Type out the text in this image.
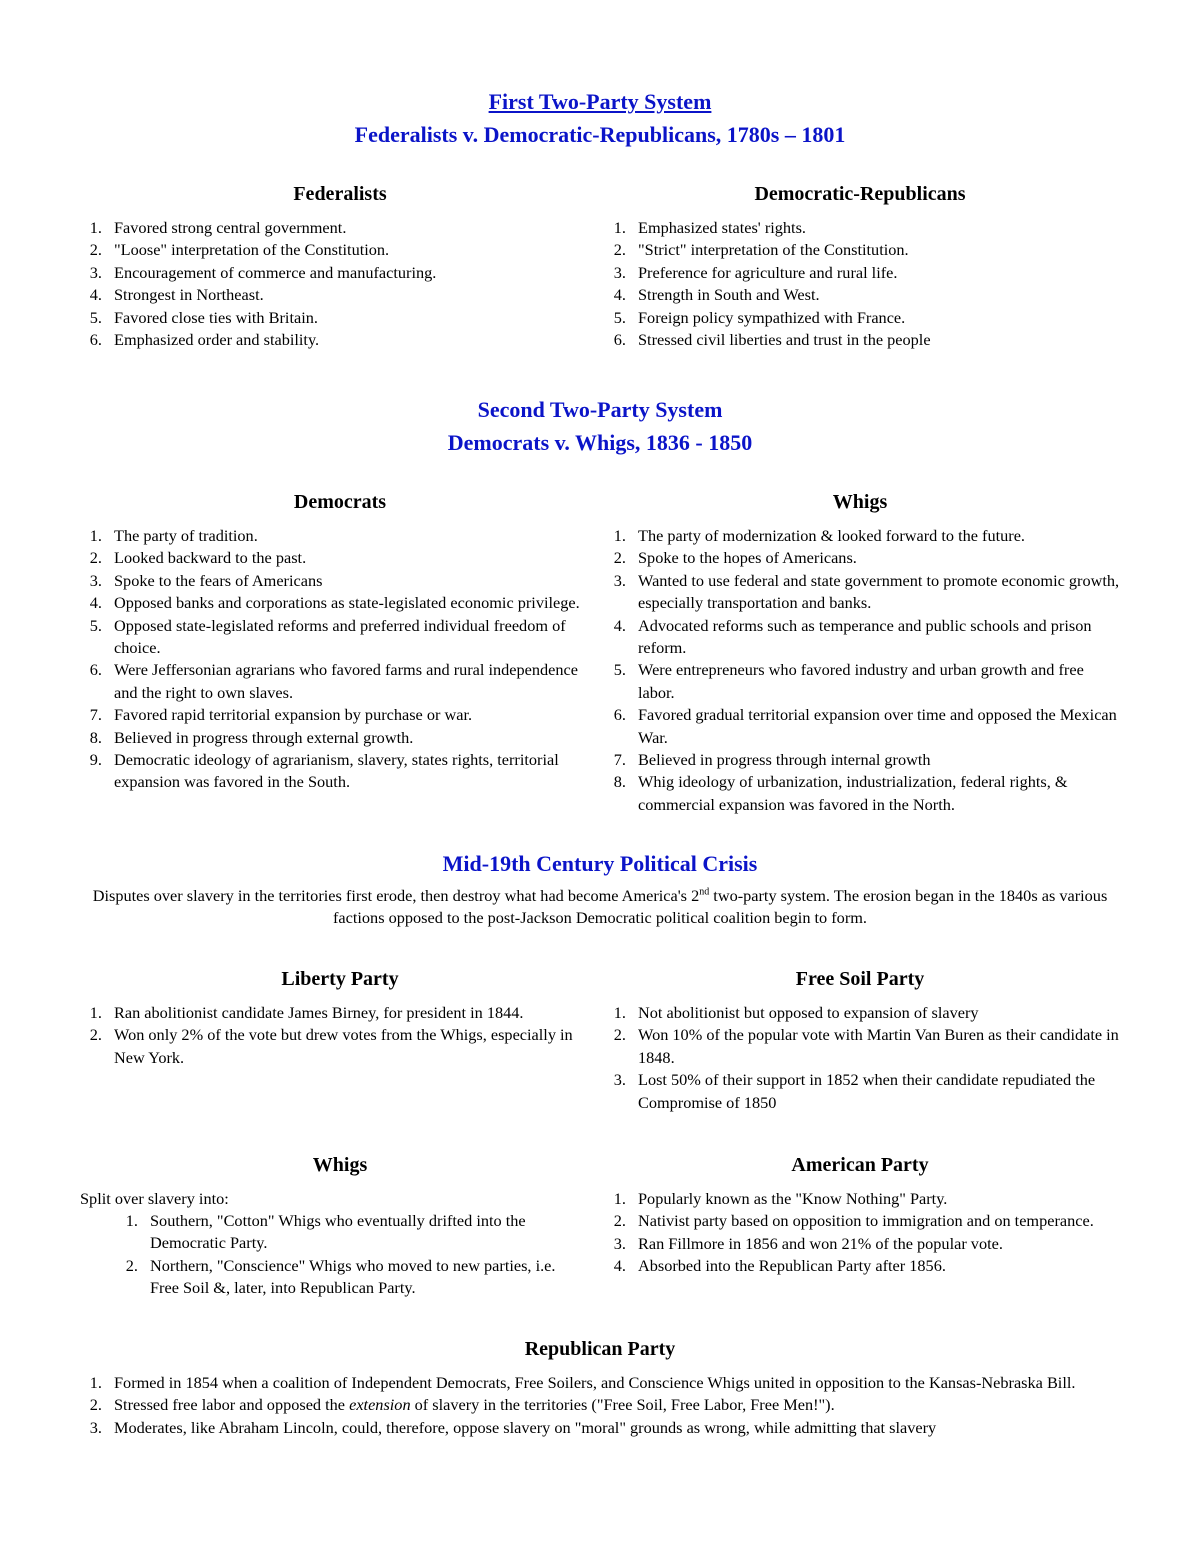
First Two-Party System
Federalists v. Democratic-Republicans, 1780s – 1801
Federalists	Democratic-Republicans
1. Favored strong central government.
2. "Loose" interpretation of the Constitution.
3. Encouragement of commerce and manufacturing.
4. Strongest in Northeast.
5. Favored close ties with Britain.
6. Emphasized order and stability.
1. Emphasized states' rights.
2. "Strict" interpretation of the Constitution.
3. Preference for agriculture and rural life.
4. Strength in South and West.
5. Foreign policy sympathized with France.
6. Stressed civil liberties and trust in the people
Second Two-Party System
Democrats v. Whigs, 1836 - 1850
Democrats	Whigs
1. The party of tradition.
2. Looked backward to the past.
3. Spoke to the fears of Americans
4. Opposed banks and corporations as state-legislated economic privilege.
5. Opposed state-legislated reforms and preferred individual freedom of choice.
6. Were Jeffersonian agrarians who favored farms and rural independence and the right to own slaves.
7. Favored rapid territorial expansion by purchase or war.
8. Believed in progress through external growth.
9. Democratic ideology of agrarianism, slavery, states rights, territorial expansion was favored in the South.
1. The party of modernization & looked forward to the future.
2. Spoke to the hopes of Americans.
3. Wanted to use federal and state government to promote economic growth, especially transportation and banks.
4. Advocated reforms such as temperance and public schools and prison reform.
5. Were entrepreneurs who favored industry and urban growth and free labor.
6. Favored gradual territorial expansion over time and opposed the Mexican War.
7. Believed in progress through internal growth
8. Whig ideology of urbanization, industrialization, federal rights, & commercial expansion was favored in the North.
Mid-19th Century Political Crisis
Disputes over slavery in the territories first erode, then destroy what had become America's 2nd two-party system. The erosion began in the 1840s as various factions opposed to the post-Jackson Democratic political coalition begin to form.
Liberty Party	Free Soil Party
1. Ran abolitionist candidate James Birney, for president in 1844.
2. Won only 2% of the vote but drew votes from the Whigs, especially in New York.
1. Not abolitionist but opposed to expansion of slavery
2. Won 10% of the popular vote with Martin Van Buren as their candidate in 1848.
3. Lost 50% of their support in 1852 when their candidate repudiated the Compromise of 1850
Whigs	American Party
Split over slavery into:
1. Southern, "Cotton" Whigs who eventually drifted into the Democratic Party.
2. Northern, "Conscience" Whigs who moved to new parties, i.e. Free Soil &, later, into Republican Party.
1. Popularly known as the "Know Nothing" Party.
2. Nativist party based on opposition to immigration and on temperance.
3. Ran Fillmore in 1856 and won 21% of the popular vote.
4. Absorbed into the Republican Party after 1856.
Republican Party
1. Formed in 1854 when a coalition of Independent Democrats, Free Soilers, and Conscience Whigs united in opposition to the Kansas-Nebraska Bill.
2. Stressed free labor and opposed the extension of slavery in the territories ("Free Soil, Free Labor, Free Men!").
3. Moderates, like Abraham Lincoln, could, therefore, oppose slavery on "moral" grounds as wrong, while admitting that slavery
